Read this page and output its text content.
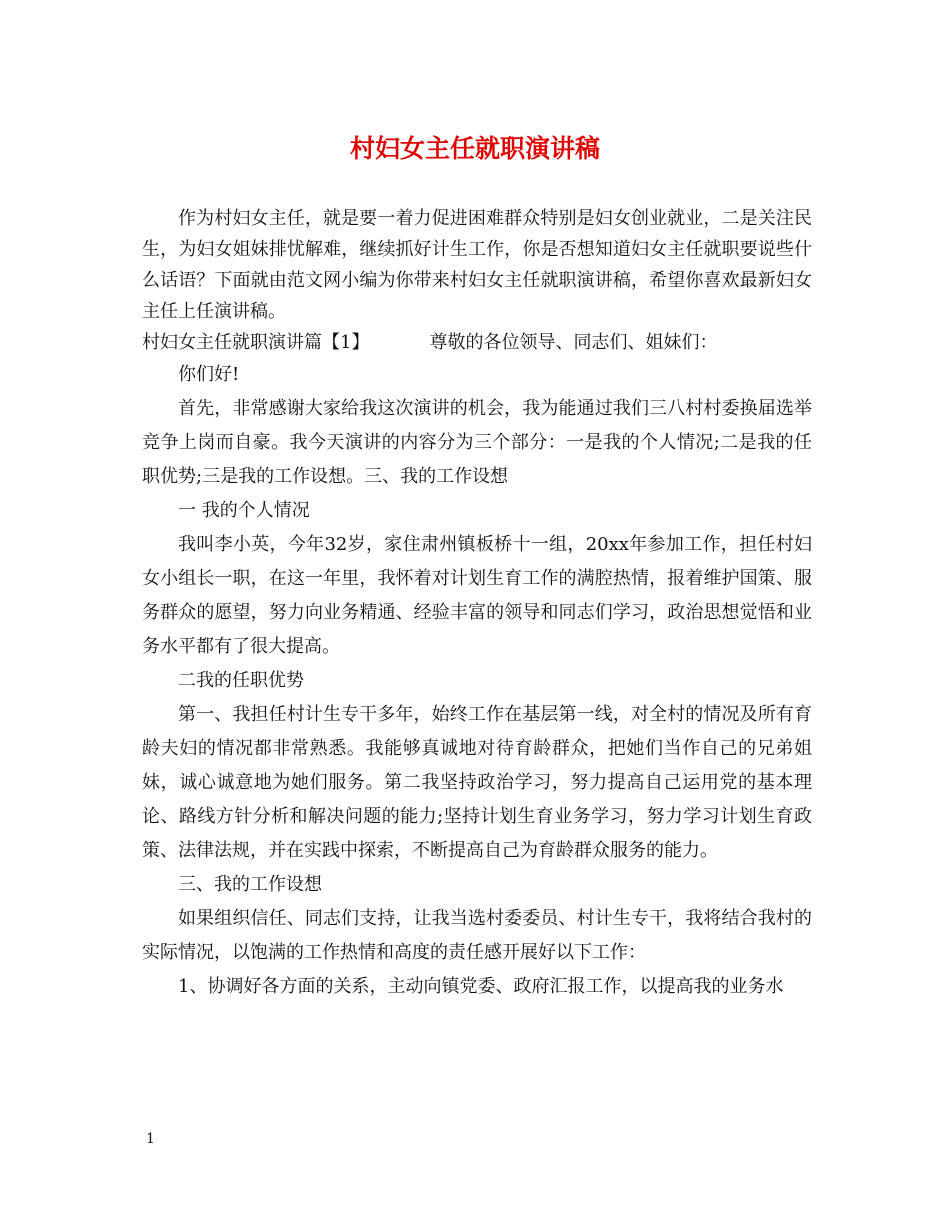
村妇女主任就职演讲稿

作为村妇女主任，就是要一着力促进困难群众特别是妇女创业就业，二是关注民生，为妇女姐妹排忧解难，继续抓好计生工作，你是否想知道妇女主任就职要说些什么话语？下面就由范文网小编为你带来村妇女主任就职演讲稿，希望你喜欢最新妇女主任上任演讲稿。

村妇女主任就职演讲篇【1】	尊敬的各位领导、同志们、姐妹们：

你们好!

首先，非常感谢大家给我这次演讲的机会，我为能通过我们三八村村委换届选举竞争上岗而自豪。我今天演讲的内容分为三个部分：一是我的个人情况;二是我的任职优势;三是我的工作设想。三、我的工作设想

一 我的个人情况

我叫李小英，今年32岁，家住肃州镇板桥十一组，20xx年参加工作，担任村妇女小组长一职，在这一年里，我怀着对计划生育工作的满腔热情，报着维护国策、服务群众的愿望，努力向业务精通、经验丰富的领导和同志们学习，政治思想觉悟和业务水平都有了很大提高。

二我的任职优势

第一、我担任村计生专干多年，始终工作在基层第一线，对全村的情况及所有育龄夫妇的情况都非常熟悉。我能够真诚地对待育龄群众，把她们当作自己的兄弟姐妹，诚心诚意地为她们服务。第二我坚持政治学习，努力提高自己运用党的基本理论、路线方针分析和解决问题的能力;坚持计划生育业务学习，努力学习计划生育政策、法律法规，并在实践中探索，不断提高自己为育龄群众服务的能力。

三、我的工作设想

如果组织信任、同志们支持，让我当选村委委员、村计生专干，我将结合我村的实际情况，以饱满的工作热情和高度的责任感开展好以下工作：

1、协调好各方面的关系，主动向镇党委、政府汇报工作，以提高我的业务水

1
